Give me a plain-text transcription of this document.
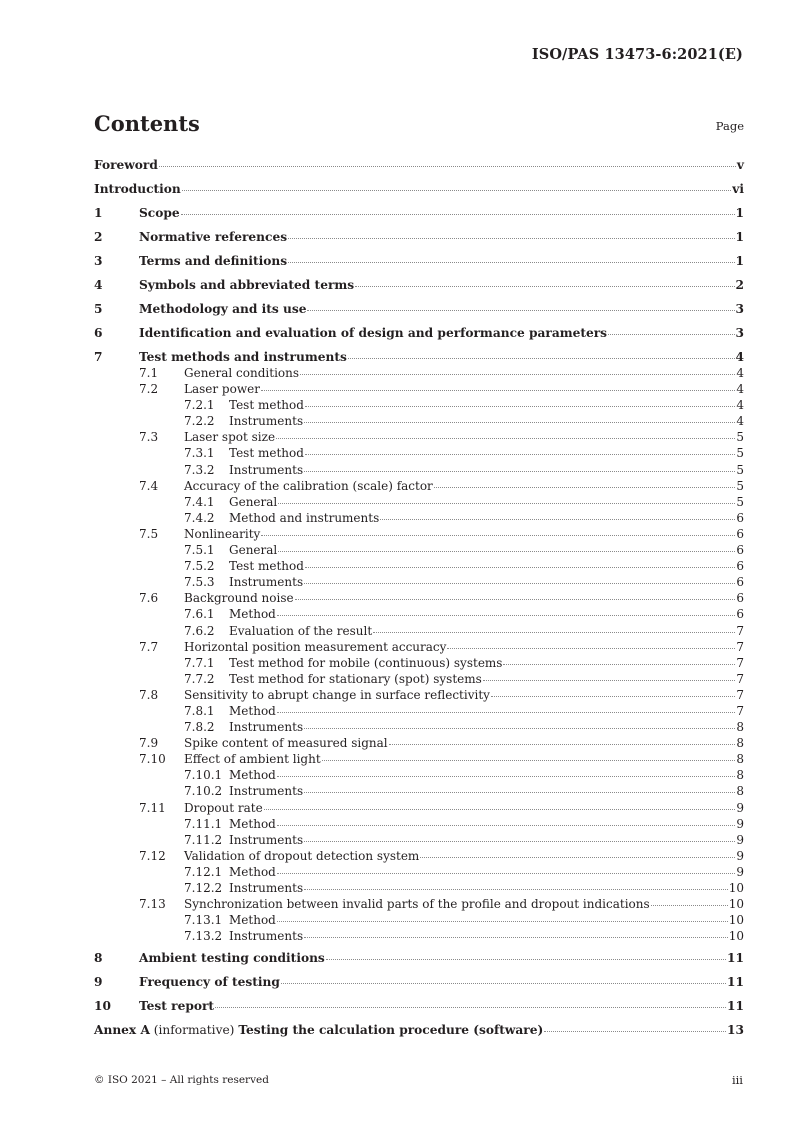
ISO/PAS 13473-6:2021(E)
Contents	Page
Foreword	v
Introduction	vi
1	Scope	1
2	Normative references	1
3	Terms and definitions	1
4	Symbols and abbreviated terms	2
5	Methodology and its use	3
6	Identification and evaluation of design and performance parameters	3
7	Test methods and instruments	4
7.1	General conditions	4
7.2	Laser power	4
7.2.1	Test method	4
7.2.2	Instruments	4
7.3	Laser spot size	5
7.3.1	Test method	5
7.3.2	Instruments	5
7.4	Accuracy of the calibration (scale) factor	5
7.4.1	General	5
7.4.2	Method and instruments	6
7.5	Nonlinearity	6
7.5.1	General	6
7.5.2	Test method	6
7.5.3	Instruments	6
7.6	Background noise	6
7.6.1	Method	6
7.6.2	Evaluation of the result	7
7.7	Horizontal position measurement accuracy	7
7.7.1	Test method for mobile (continuous) systems	7
7.7.2	Test method for stationary (spot) systems	7
7.8	Sensitivity to abrupt change in surface reflectivity	7
7.8.1	Method	7
7.8.2	Instruments	8
7.9	Spike content of measured signal	8
7.10	Effect of ambient light	8
7.10.1 Method	8
7.10.2 Instruments	8
7.11	Dropout rate	9
7.11.1 Method	9
7.11.2 Instruments	9
7.12	Validation of dropout detection system	9
7.12.1 Method	9
7.12.2 Instruments	10
7.13	Synchronization between invalid parts of the profile and dropout indications	10
7.13.1 Method	10
7.13.2 Instruments	10
8	Ambient testing conditions	11
9	Frequency of testing	11
10	Test report	11
Annex A (informative) Testing the calculation procedure (software)	13
© ISO 2021 – All rights reserved	iii
